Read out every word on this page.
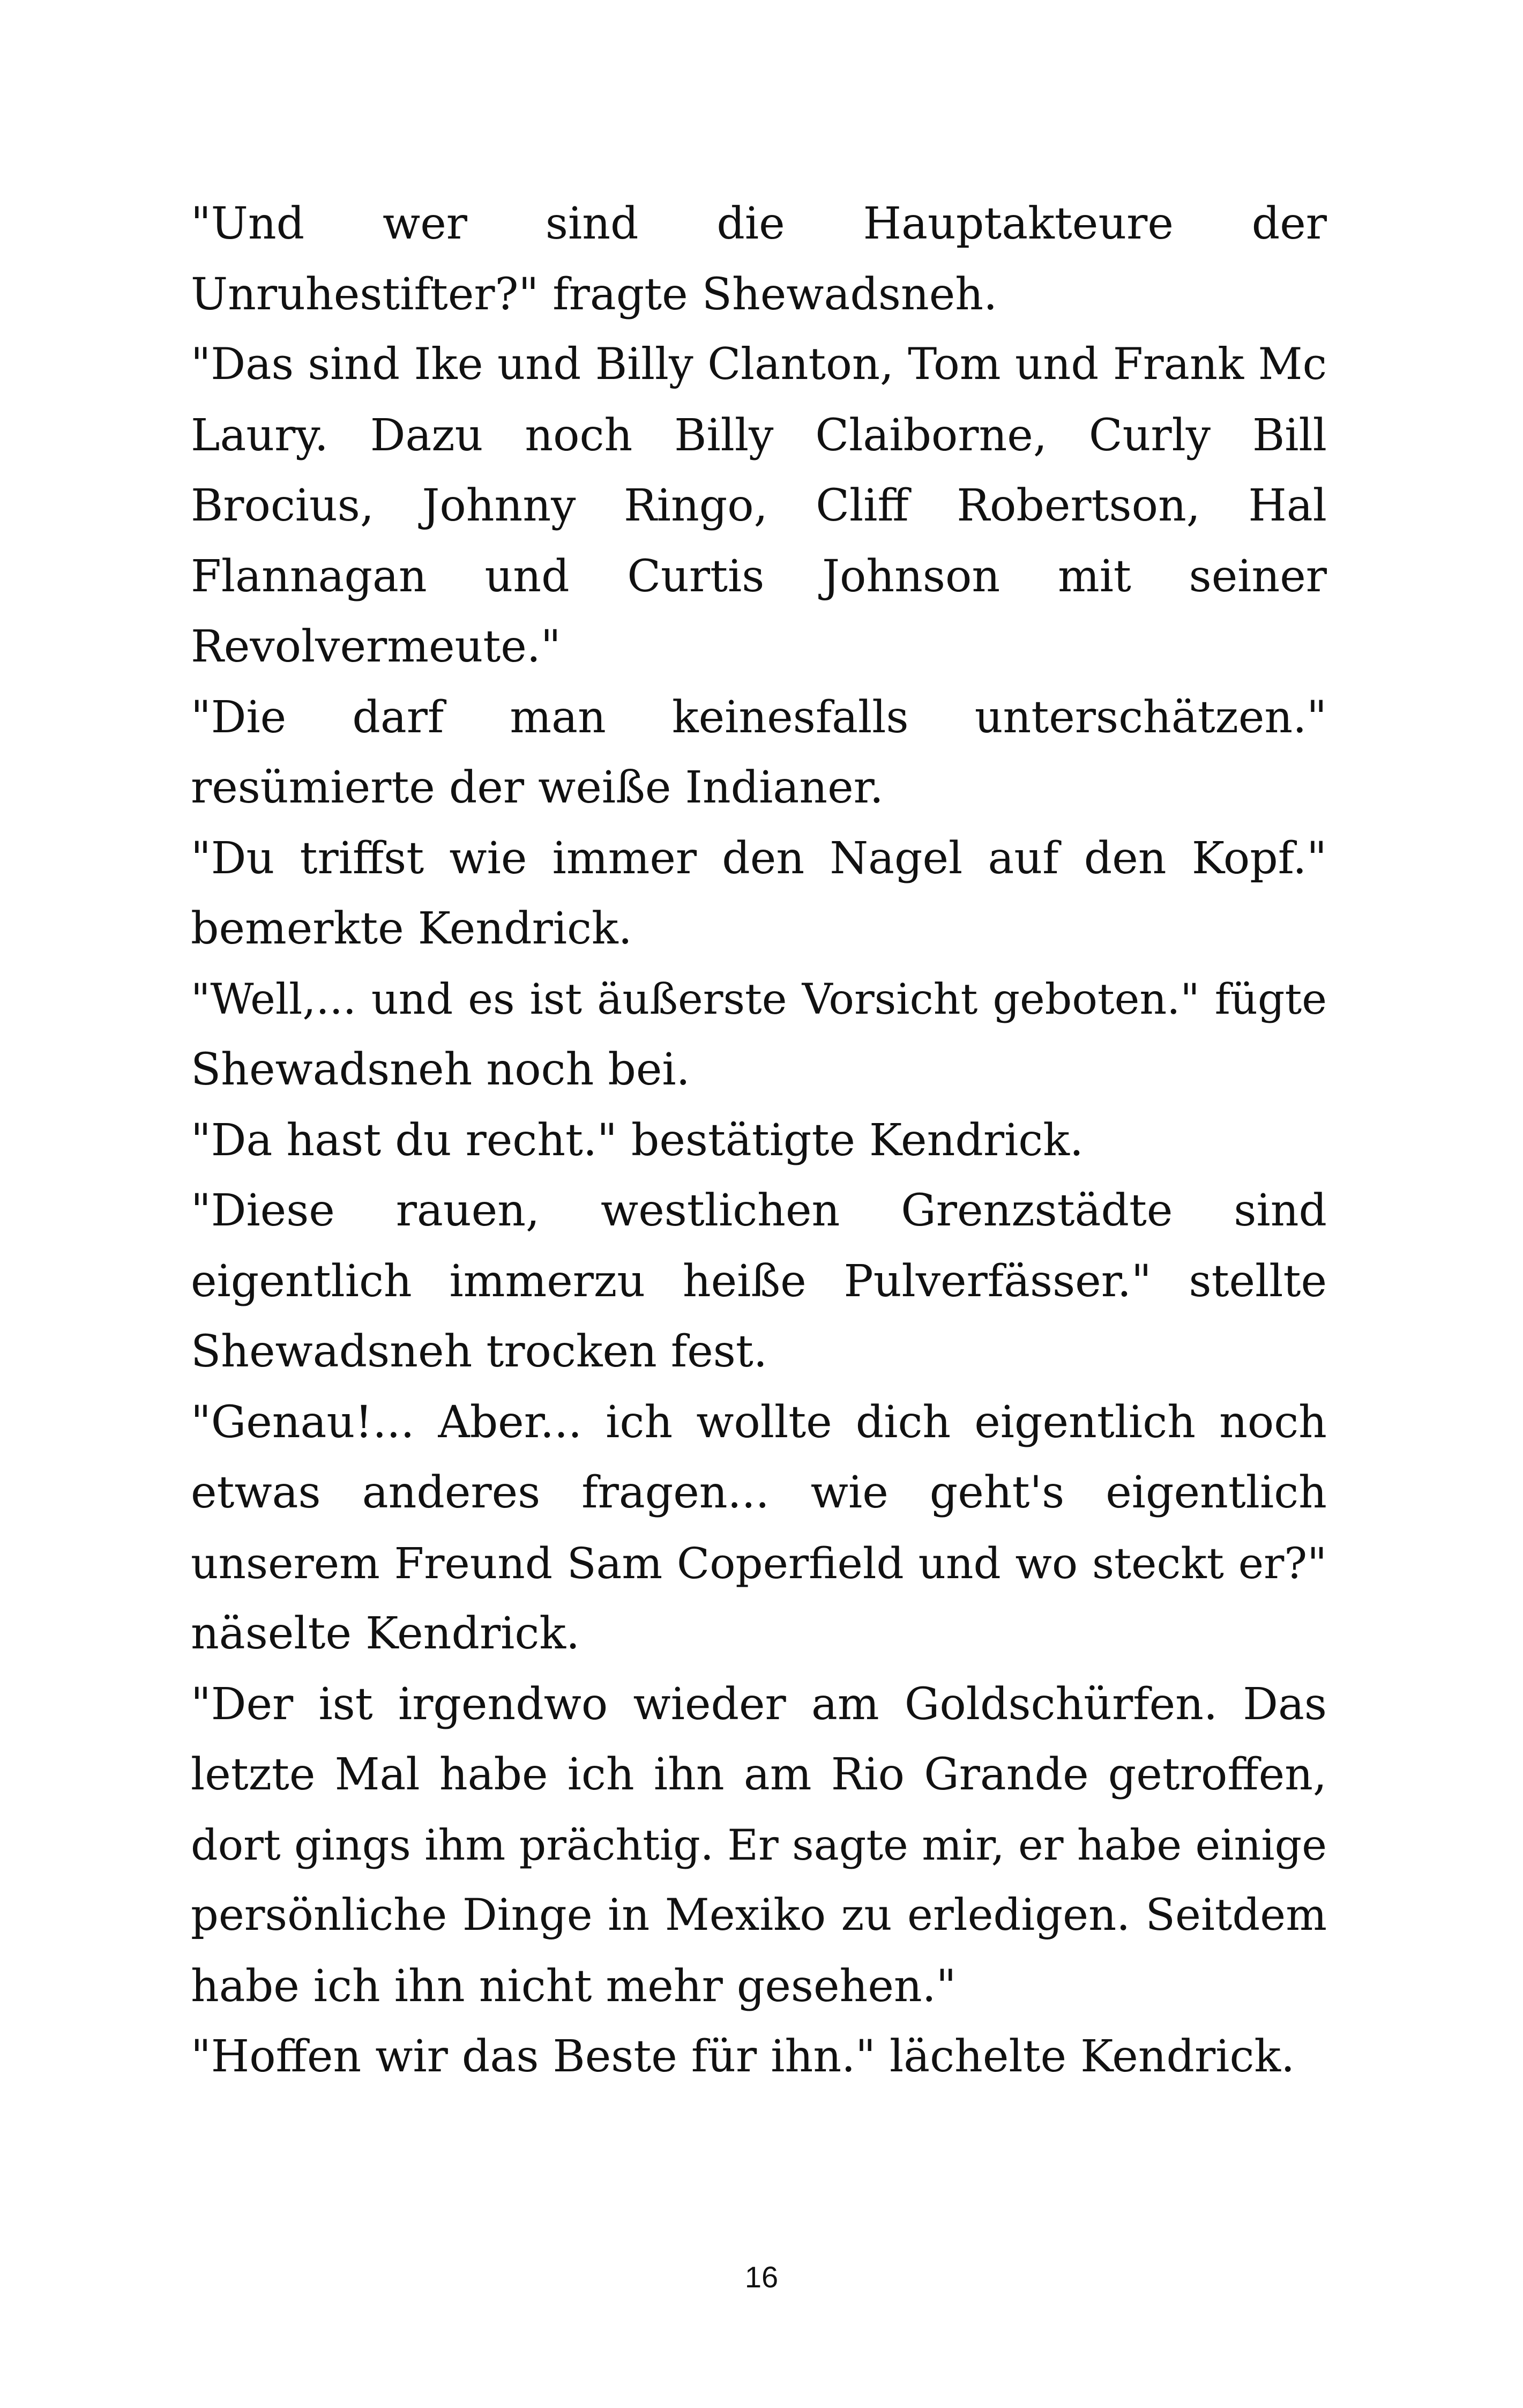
"Und wer sind die Hauptakteure der
Unruhestifter?" fragte Shewadsneh.
"Das sind Ike und Billy Clanton, Tom und Frank Mc
Laury. Dazu noch Billy Claiborne, Curly Bill
Brocius, Johnny Ringo, Cliff Robertson, Hal
Flannagan und Curtis Johnson mit seiner
Revolvermeute."
"Die darf man keinesfalls unterschätzen."
resümierte der weiße Indianer.
"Du triffst wie immer den Nagel auf den Kopf."
bemerkte Kendrick.
"Well,... und es ist äußerste Vorsicht geboten." fügte
Shewadsneh noch bei.
"Da hast du recht." bestätigte Kendrick.
"Diese rauen, westlichen Grenzstädte sind
eigentlich immerzu heiße Pulverfässer." stellte
Shewadsneh trocken fest.
"Genau!... Aber... ich wollte dich eigentlich noch
etwas anderes fragen... wie geht's eigentlich
unserem Freund Sam Coperfield und wo steckt er?"
näselte Kendrick.
"Der ist irgendwo wieder am Goldschürfen. Das
letzte Mal habe ich ihn am Rio Grande getroffen,
dort gings ihm prächtig. Er sagte mir, er habe einige
persönliche Dinge in Mexiko zu erledigen. Seitdem
habe ich ihn nicht mehr gesehen."
"Hoffen wir das Beste für ihn." lächelte Kendrick.
16
